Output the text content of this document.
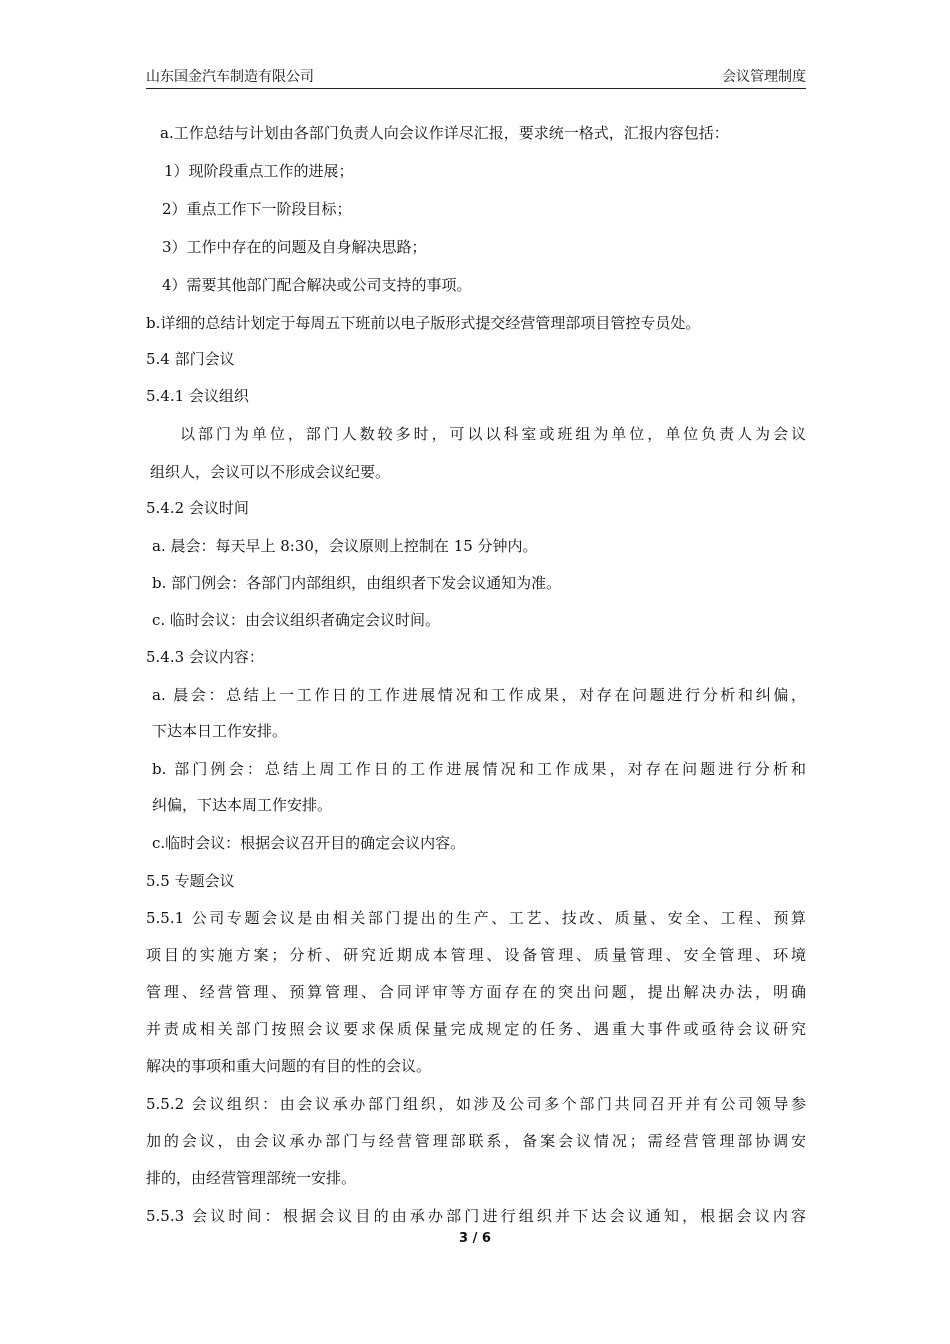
山东国金汽车制造有限公司	会议管理制度
a.工作总结与计划由各部门负责人向会议作详尽汇报，要求统一格式，汇报内容包括：
1）现阶段重点工作的进展；
2）重点工作下一阶段目标；
3）工作中存在的问题及自身解决思路；
4）需要其他部门配合解决或公司支持的事项。
b.详细的总结计划定于每周五下班前以电子版形式提交经营管理部项目管控专员处。
5.4 部门会议
5.4.1 会议组织
以部门为单位，部门人数较多时，可以以科室或班组为单位，单位负责人为会议
组织人，会议可以不形成会议纪要。
5.4.2 会议时间
a. 晨会：每天早上 8:30，会议原则上控制在 15 分钟内。
b. 部门例会：各部门内部组织，由组织者下发会议通知为准。
c. 临时会议：由会议组织者确定会议时间。
5.4.3 会议内容：
a. 晨会：总结上一工作日的工作进展情况和工作成果，对存在问题进行分析和纠偏，
下达本日工作安排。
b. 部门例会：总结上周工作日的工作进展情况和工作成果，对存在问题进行分析和
纠偏，下达本周工作安排。
c.临时会议：根据会议召开目的确定会议内容。
5.5 专题会议
5.5.1 公司专题会议是由相关部门提出的生产、工艺、技改、质量、安全、工程、预算
项目的实施方案；分析、研究近期成本管理、设备管理、质量管理、安全管理、环境
管理、经营管理、预算管理、合同评审等方面存在的突出问题，提出解决办法，明确
并责成相关部门按照会议要求保质保量完成规定的任务、遇重大事件或亟待会议研究
解决的事项和重大问题的有目的性的会议。
5.5.2 会议组织：由会议承办部门组织，如涉及公司多个部门共同召开并有公司领导参
加的会议，由会议承办部门与经营管理部联系，备案会议情况；需经营管理部协调安
排的，由经营管理部统一安排。
5.5.3 会议时间：根据会议目的由承办部门进行组织并下达会议通知，根据会议内容
3 / 6
